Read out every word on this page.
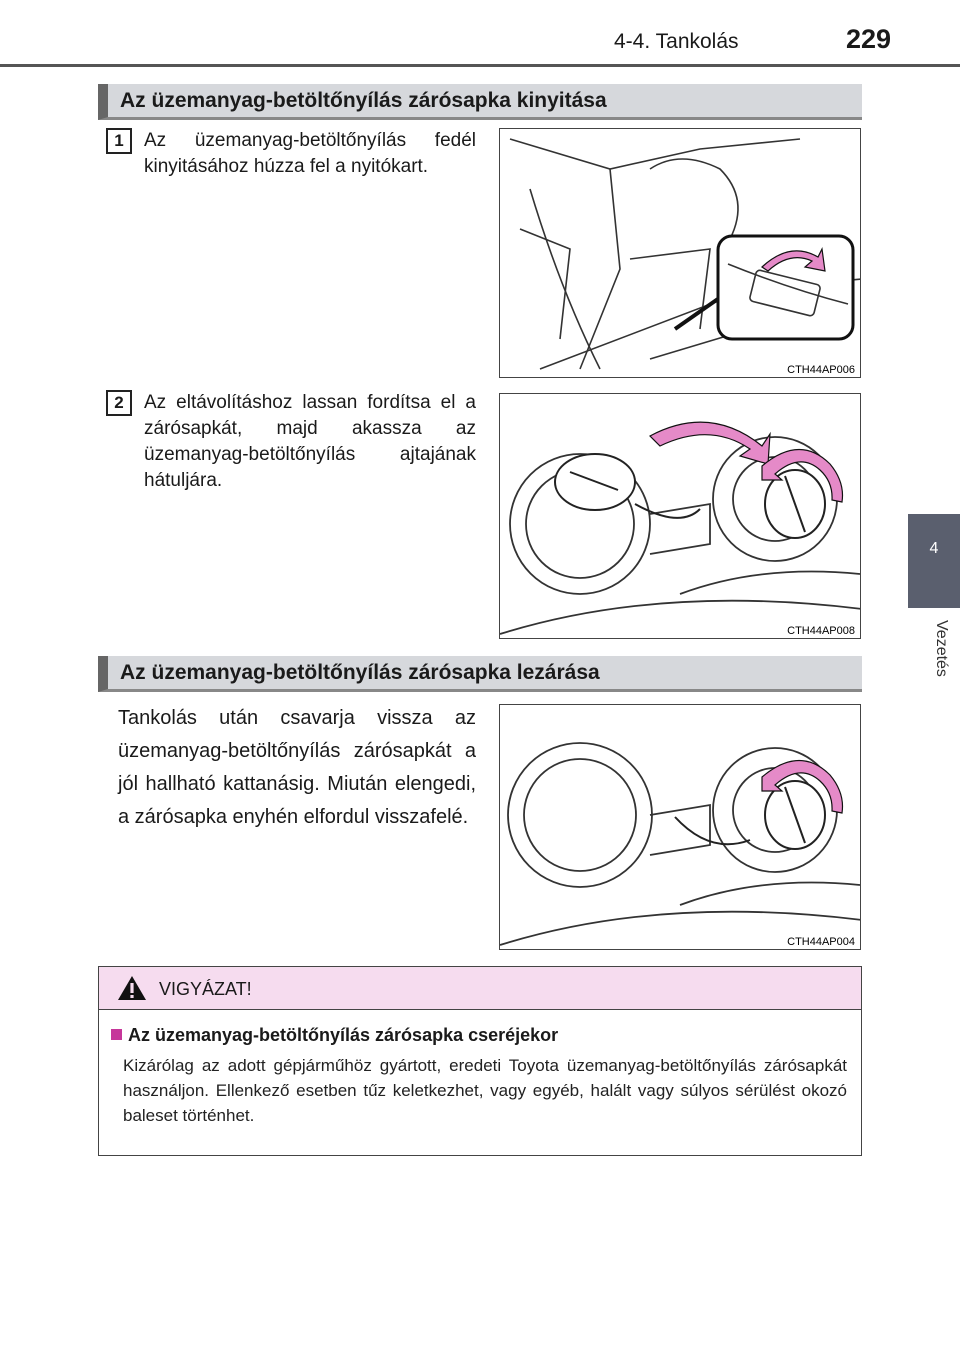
4-4. Tankolás	229
4
Vezetés
Az üzemanyag-betöltőnyílás zárósapka kinyitása
1	Az üzemanyag-betöltőnyílás fedél kinyitásához húzza fel a nyitókart.
CTH44AP006
2	Az eltávolításhoz lassan fordítsa el a zárósapkát, majd akassza az üzemanyag-betöltőnyílás ajtajának hátuljára.
CTH44AP008
Az üzemanyag-betöltőnyílás zárósapka lezárása
Tankolás után csavarja vissza az üzemanyag-betöltőnyílás zárósapkát a jól hallható kattanásig. Miután elengedi, a zárósapka enyhén elfordul visszafelé.
CTH44AP004
VIGYÁZAT!
Az üzemanyag-betöltőnyílás zárósapka cseréjekor
Kizárólag az adott gépjárműhöz gyártott, eredeti Toyota üzemanyag-betöltőnyílás zárósapkát használjon. Ellenkező esetben tűz keletkezhet, vagy egyéb, halált vagy súlyos sérülést okozó baleset történhet.
